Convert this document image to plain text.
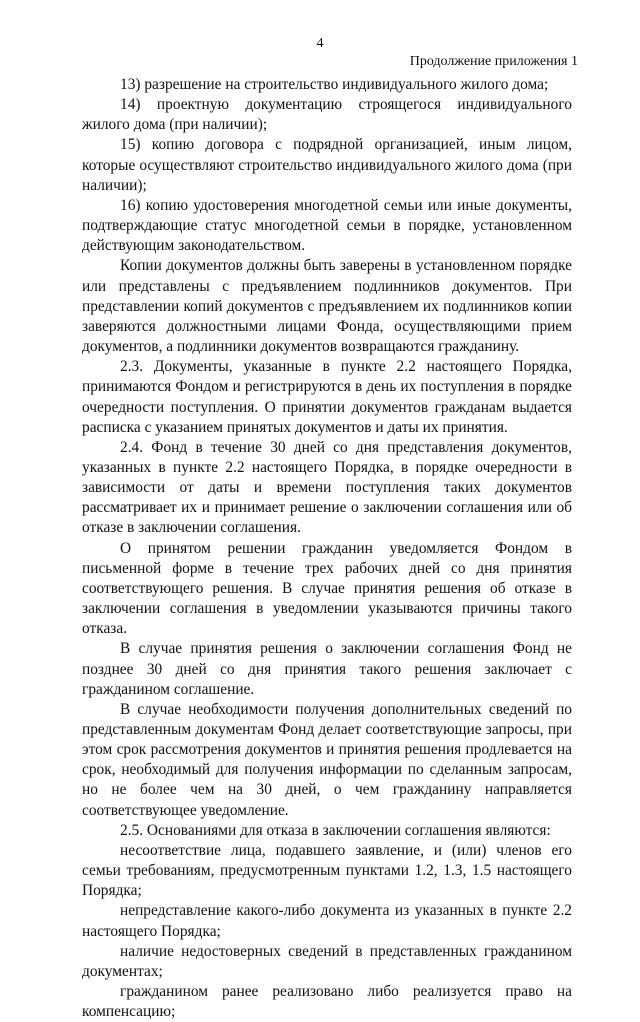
4
Продолжение приложения 1

13) разрешение на строительство индивидуального жилого дома;

14) проектную документацию строящегося индивидуального жилого дома (при наличии);

15) копию договора с подрядной организацией, иным лицом, которые осуществляют строительство индивидуального жилого дома (при наличии);

16) копию удостоверения многодетной семьи или иные документы, подтверждающие статус многодетной семьи в порядке, установленном действующим законодательством.

Копии документов должны быть заверены в установленном порядке или представлены с предъявлением подлинников документов. При представлении копий документов с предъявлением их подлинников копии заверяются должностными лицами Фонда, осуществляющими прием документов, а подлинники документов возвращаются гражданину.

2.3. Документы, указанные в пункте 2.2 настоящего Порядка, принимаются Фондом и регистрируются в день их поступления в порядке очередности поступления. О принятии документов гражданам выдается расписка с указанием принятых документов и даты их принятия.

2.4. Фонд в течение 30 дней со дня представления документов, указанных в пункте 2.2 настоящего Порядка, в порядке очередности в зависимости от даты и времени поступления таких документов рассматривает их и принимает решение о заключении соглашения или об отказе в заключении соглашения.

О принятом решении гражданин уведомляется Фондом в письменной форме в течение трех рабочих дней со дня принятия соответствующего решения. В случае принятия решения об отказе в заключении соглашения в уведомлении указываются причины такого отказа.

В случае принятия решения о заключении соглашения Фонд не позднее 30 дней со дня принятия такого решения заключает с гражданином соглашение.

В случае необходимости получения дополнительных сведений по представленным документам Фонд делает соответствующие запросы, при этом срок рассмотрения документов и принятия решения продлевается на срок, необходимый для получения информации по сделанным запросам, но не более чем на 30 дней, о чем гражданину направляется соответствующее уведомление.

2.5. Основаниями для отказа в заключении соглашения являются:

несоответствие лица, подавшего заявление, и (или) членов его семьи требованиям, предусмотренным пунктами 1.2, 1.3, 1.5 настоящего Порядка;

непредставление какого-либо документа из указанных в пункте 2.2 настоящего Порядка;

наличие недостоверных сведений в представленных гражданином документах;

гражданином ранее реализовано либо реализуется право на компенсацию;
